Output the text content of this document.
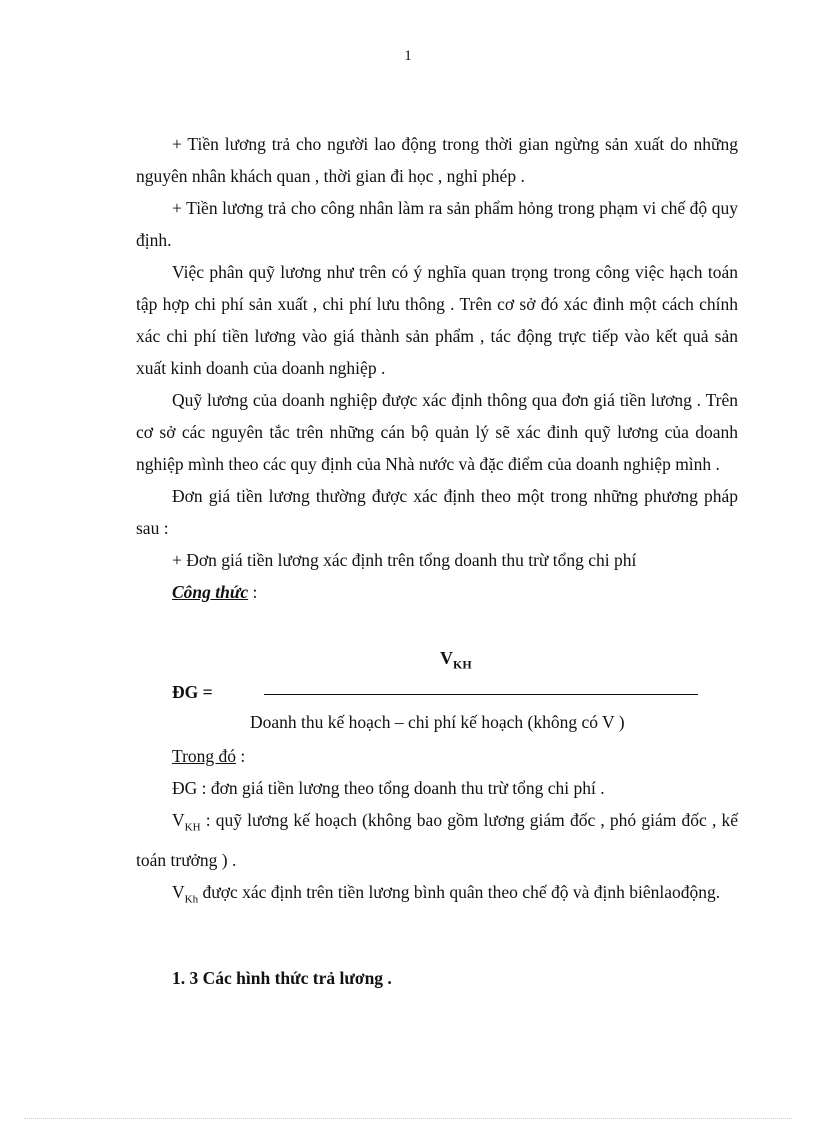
1

+ Tiền lương trả cho người lao động trong thời gian ngừng sản xuất do những nguyên nhân khách quan , thời gian đi học , nghỉ phép .

+ Tiền lương trả cho công nhân làm ra sản phẩm hỏng trong phạm vi chế độ quy định.

Việc phân quỹ lương như trên có ý nghĩa quan trọng trong công việc hạch toán tập hợp chi phí sản xuất , chi phí lưu thông . Trên cơ sở đó xác đinh một cách chính xác chi phí tiền lương vào giá thành sản phẩm , tác động trực tiếp vào kết quả sản xuất kinh doanh của doanh nghiệp .

Quỹ lương của doanh nghiệp được xác định thông qua đơn giá tiền lương . Trên cơ sở các nguyên tắc trên những cán bộ quản lý sẽ xác đinh quỹ lương của doanh nghiệp mình theo các quy định của Nhà nước và đặc điểm của doanh nghiệp mình .

Đơn giá tiền lương thường được xác định theo một trong những phương pháp sau :

+ Đơn giá tiền lương xác định trên tổng doanh thu trừ tổng chi phí

Công thức :

$V_{KH}$
ĐG =
Doanh thu kế hoạch – chi phí kế hoạch (không có V )

Trong đó :

ĐG : đơn giá tiền lương theo tổng doanh thu trừ tổng chi phí .

$V_{KH}$ : quỹ lương kế hoạch (không bao gồm lương giám đốc , phó giám đốc , kế toán trưởng ) .

$V_{Kh}$ được xác định trên tiền lương bình quân theo chế độ và định biênlaođộng.

1. 3 Các hình thức trả lương .
